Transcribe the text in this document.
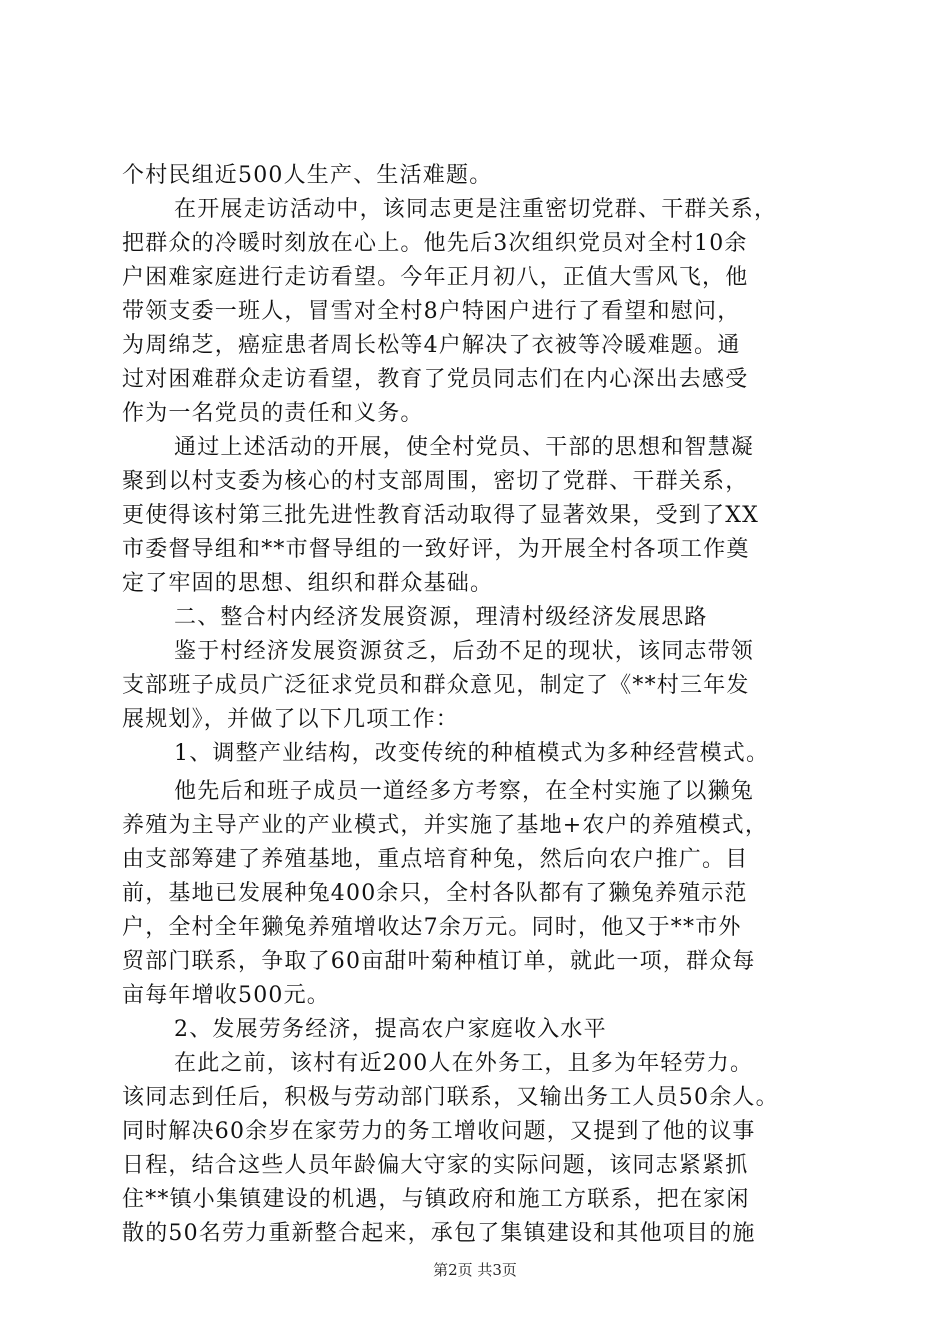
个村民组近500人生产、生活难题。
在开展走访活动中，该同志更是注重密切党群、干群关系，
把群众的冷暖时刻放在心上。他先后3次组织党员对全村10余
户困难家庭进行走访看望。今年正月初八，正值大雪风飞，他
带领支委一班人，冒雪对全村8户特困户进行了看望和慰问，
为周绵芝，癌症患者周长松等4户解决了衣被等冷暖难题。通
过对困难群众走访看望，教育了党员同志们在内心深出去感受
作为一名党员的责任和义务。
通过上述活动的开展，使全村党员、干部的思想和智慧凝
聚到以村支委为核心的村支部周围，密切了党群、干群关系，
更使得该村第三批先进性教育活动取得了显著效果，受到了XX
市委督导组和**市督导组的一致好评，为开展全村各项工作奠
定了牢固的思想、组织和群众基础。
二、整合村内经济发展资源，理清村级经济发展思路
鉴于村经济发展资源贫乏，后劲不足的现状，该同志带领
支部班子成员广泛征求党员和群众意见，制定了《**村三年发
展规划》，并做了以下几项工作：
1、调整产业结构，改变传统的种植模式为多种经营模式。
他先后和班子成员一道经多方考察，在全村实施了以獭兔
养殖为主导产业的产业模式，并实施了基地+农户的养殖模式，
由支部筹建了养殖基地，重点培育种兔，然后向农户推广。目
前，基地已发展种兔400余只，全村各队都有了獭兔养殖示范
户，全村全年獭兔养殖增收达7余万元。同时，他又于**市外
贸部门联系，争取了60亩甜叶菊种植订单，就此一项，群众每
亩每年增收500元。
2、发展劳务经济，提高农户家庭收入水平
在此之前，该村有近200人在外务工，且多为年轻劳力。
该同志到任后，积极与劳动部门联系，又输出务工人员50余人。
同时解决60余岁在家劳力的务工增收问题，又提到了他的议事
日程，结合这些人员年龄偏大守家的实际问题，该同志紧紧抓
住**镇小集镇建设的机遇，与镇政府和施工方联系，把在家闲
散的50名劳力重新整合起来，承包了集镇建设和其他项目的施
第2页 共3页
